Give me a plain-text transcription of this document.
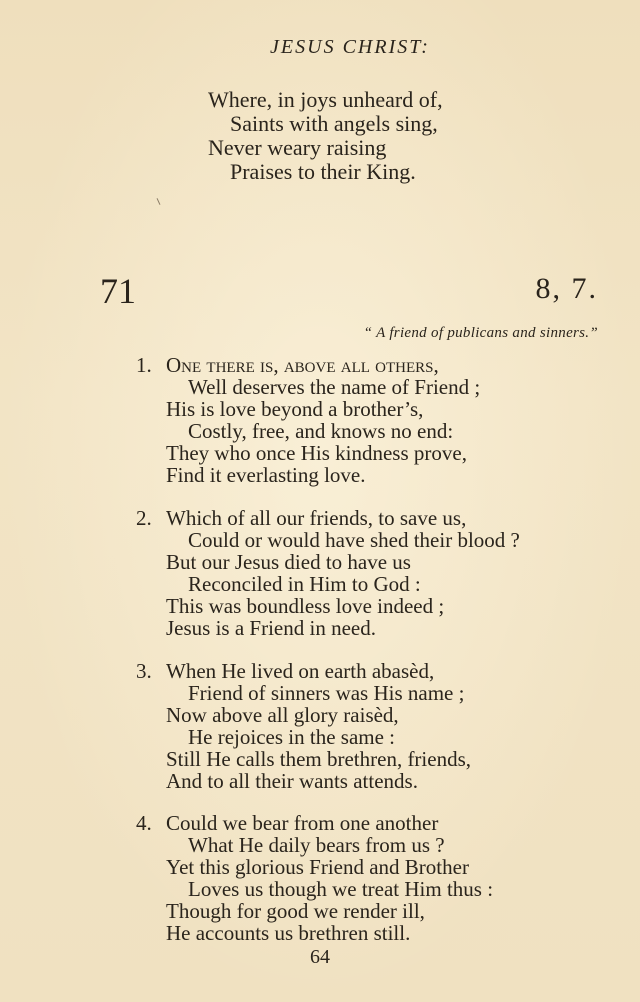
JESUS CHRIST:
Where, in joys unheard of,
Saints with angels sing,
Never weary raising
Praises to their King.
71	8, 7.
“ A friend of publicans and sinners.”
1. One there is, above all others,
Well deserves the name of Friend ;
His is love beyond a brother’s,
Costly, free, and knows no end:
They who once His kindness prove,
Find it everlasting love.
2. Which of all our friends, to save us,
Could or would have shed their blood ?
But our Jesus died to have us
Reconciled in Him to God :
This was boundless love indeed ;
Jesus is a Friend in need.
3. When He lived on earth abasèd,
Friend of sinners was His name ;
Now above all glory raisèd,
He rejoices in the same :
Still He calls them brethren, friends,
And to all their wants attends.
4. Could we bear from one another
What He daily bears from us ?
Yet this glorious Friend and Brother
Loves us though we treat Him thus :
Though for good we render ill,
He accounts us brethren still.
64
